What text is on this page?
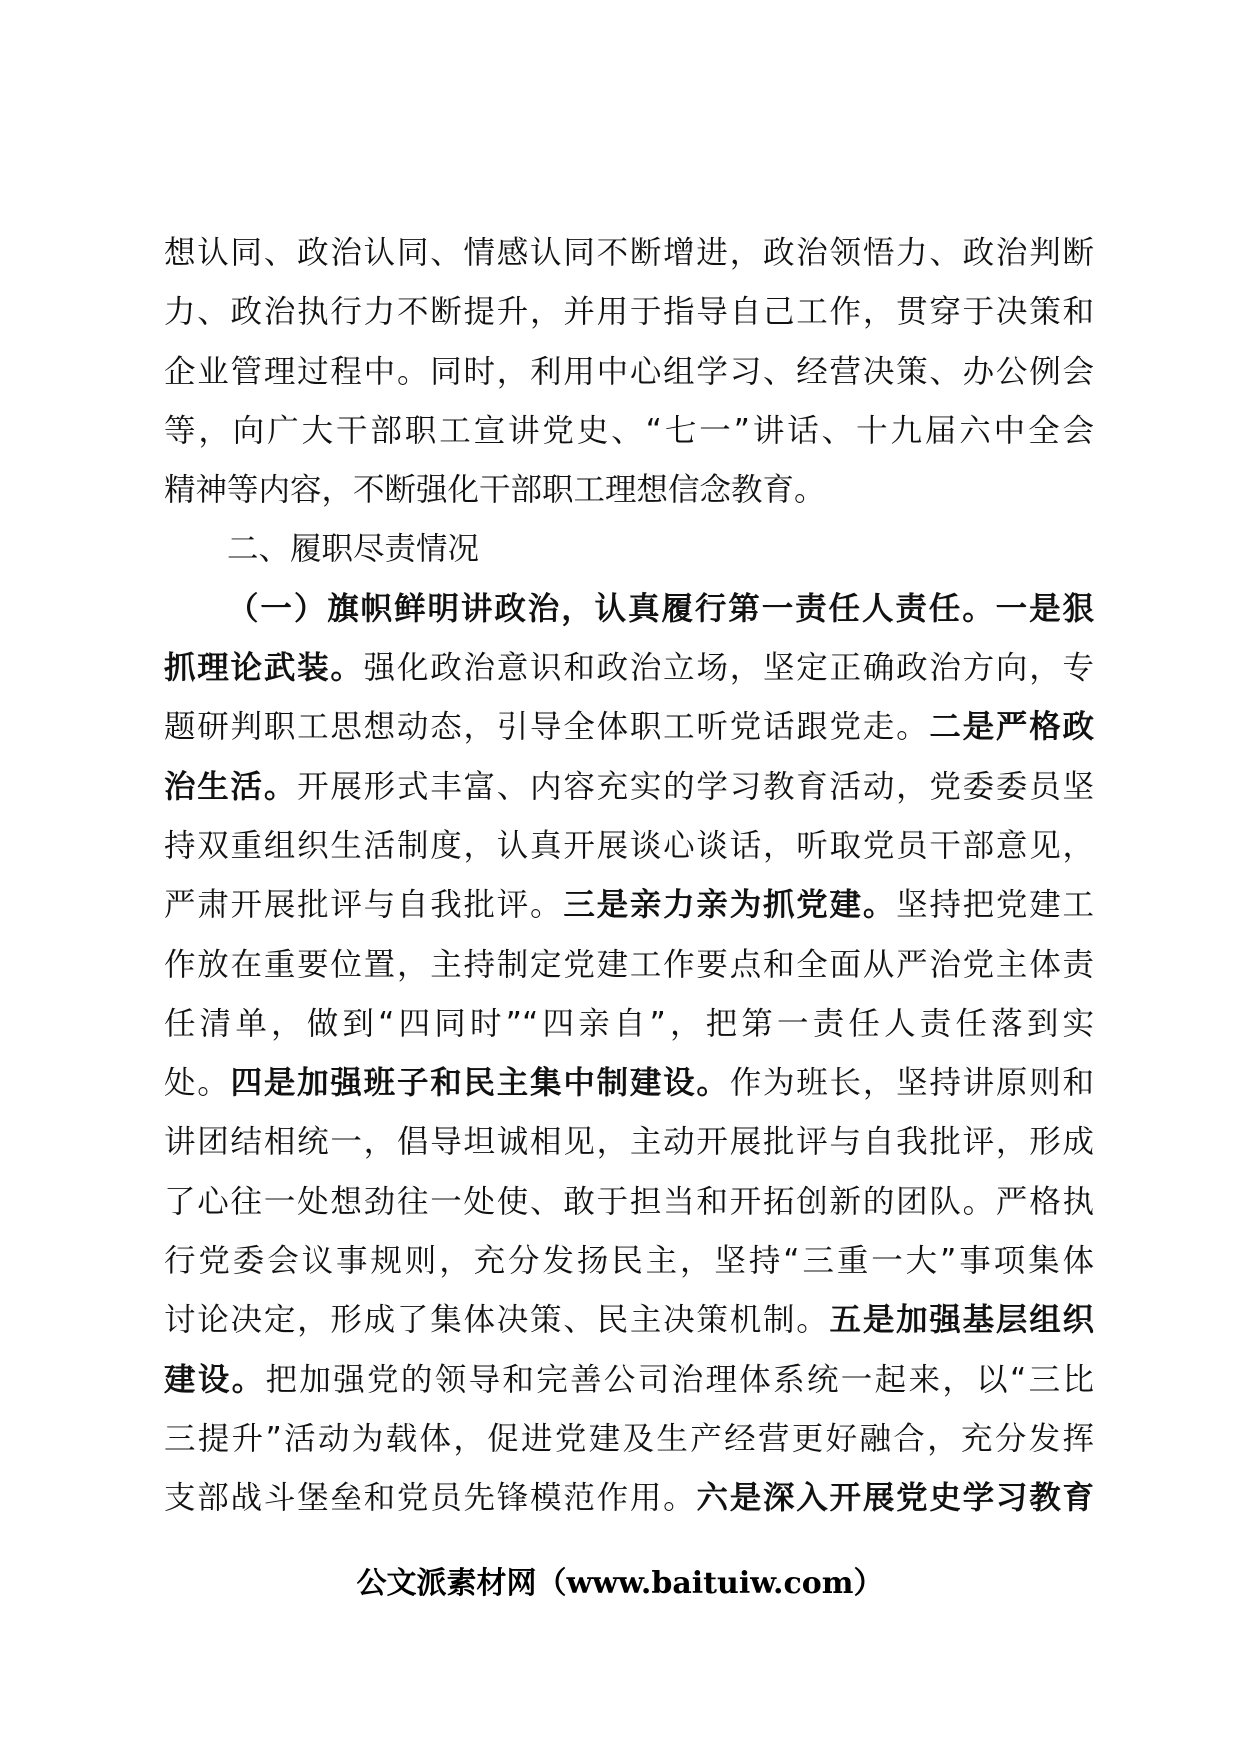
想认同、政治认同、情感认同不断增进，政治领悟力、政治判断
力、政治执行力不断提升，并用于指导自己工作，贯穿于决策和
企业管理过程中。同时，利用中心组学习、经营决策、办公例会
等，向广大干部职工宣讲党史、“七一”讲话、十九届六中全会
精神等内容，不断强化干部职工理想信念教育。
二、履职尽责情况
（一）旗帜鲜明讲政治，认真履行第一责任人责任。一是狠
抓理论武装。强化政治意识和政治立场，坚定正确政治方向，专
题研判职工思想动态，引导全体职工听党话跟党走。二是严格政
治生活。开展形式丰富、内容充实的学习教育活动，党委委员坚
持双重组织生活制度，认真开展谈心谈话，听取党员干部意见，
严肃开展批评与自我批评。三是亲力亲为抓党建。坚持把党建工
作放在重要位置，主持制定党建工作要点和全面从严治党主体责
任清单，做到“四同时”“四亲自”，把第一责任人责任落到实
处。四是加强班子和民主集中制建设。作为班长，坚持讲原则和
讲团结相统一，倡导坦诚相见，主动开展批评与自我批评，形成
了心往一处想劲往一处使、敢于担当和开拓创新的团队。严格执
行党委会议事规则，充分发扬民主，坚持“三重一大”事项集体
讨论决定，形成了集体决策、民主决策机制。五是加强基层组织
建设。把加强党的领导和完善公司治理体系统一起来，以“三比
三提升”活动为载体，促进党建及生产经营更好融合，充分发挥
支部战斗堡垒和党员先锋模范作用。六是深入开展党史学习教育
公文派素材网（www.baituiw.com）
